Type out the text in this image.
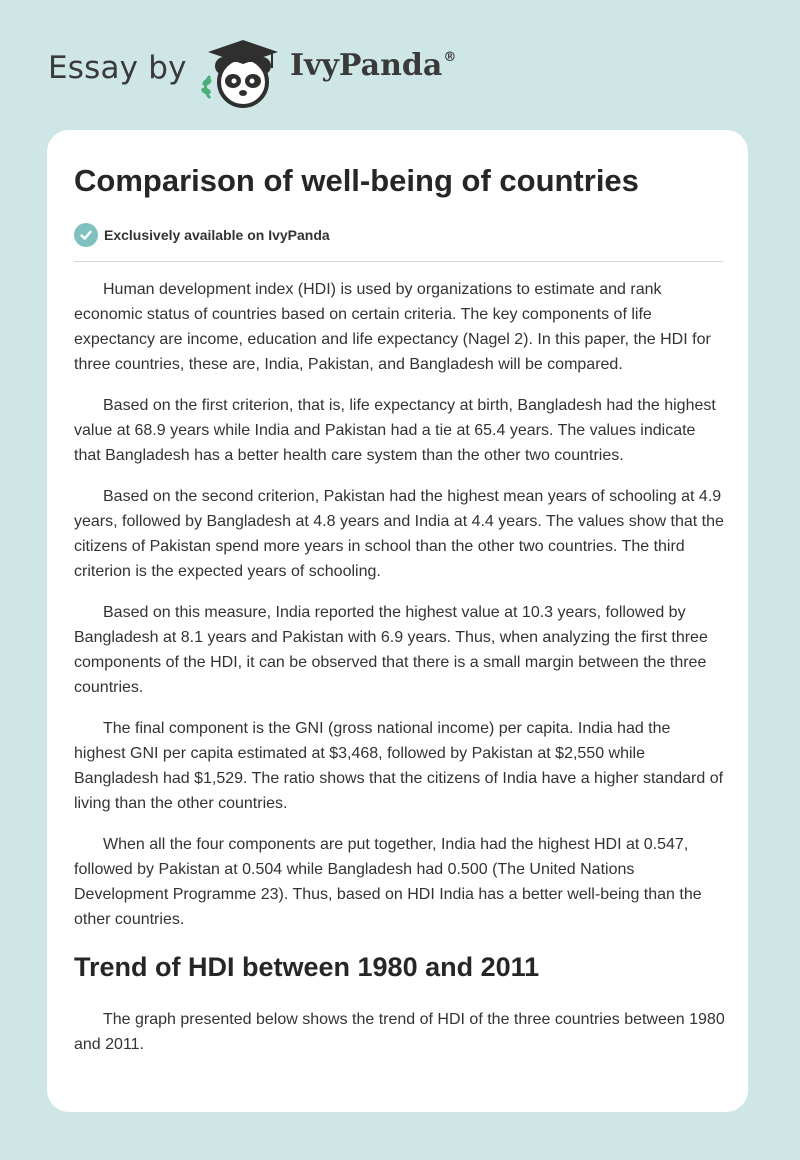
Essay by	IvyPanda®
Comparison of well-being of countries
Exclusively available on IvyPanda

Human development index (HDI) is used by organizations to estimate and rank economic status of countries based on certain criteria. The key components of life expectancy are income, education and life expectancy (Nagel 2). In this paper, the HDI for three countries, these are, India, Pakistan, and Bangladesh will be compared.

Based on the first criterion, that is, life expectancy at birth, Bangladesh had the highest value at 68.9 years while India and Pakistan had a tie at 65.4 years. The values indicate that Bangladesh has a better health care system than the other two countries.

Based on the second criterion, Pakistan had the highest mean years of schooling at 4.9 years, followed by Bangladesh at 4.8 years and India at 4.4 years. The values show that the citizens of Pakistan spend more years in school than the other two countries. The third criterion is the expected years of schooling.

Based on this measure, India reported the highest value at 10.3 years, followed by Bangladesh at 8.1 years and Pakistan with 6.9 years. Thus, when analyzing the first three components of the HDI, it can be observed that there is a small margin between the three countries.

The final component is the GNI (gross national income) per capita. India had the highest GNI per capita estimated at $3,468, followed by Pakistan at $2,550 while Bangladesh had $1,529. The ratio shows that the citizens of India have a higher standard of living than the other countries.

When all the four components are put together, India had the highest HDI at 0.547, followed by Pakistan at 0.504 while Bangladesh had 0.500 (The United Nations Development Programme 23). Thus, based on HDI India has a better well-being than the other countries.

Trend of HDI between 1980 and 2011

The graph presented below shows the trend of HDI of the three countries between 1980 and 2011.
